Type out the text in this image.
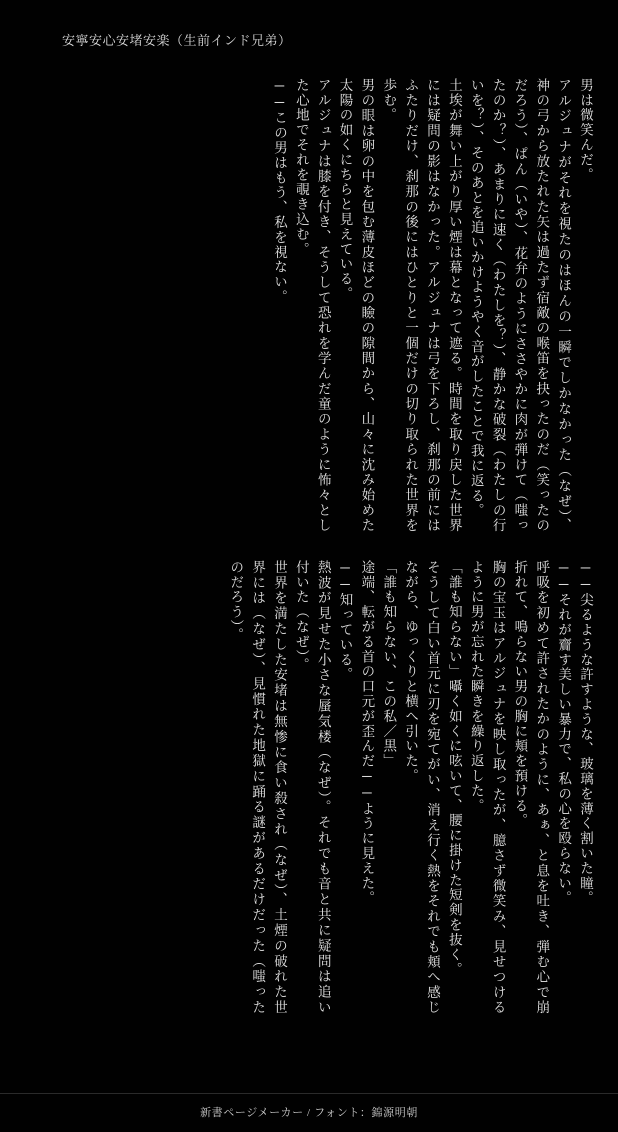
安寧安心安堵安楽（生前インド兄弟）

男は微笑んだ。

アルジュナがそれを視たのはほんの一瞬でしかなかった（なぜ）、神の弓から放たれた矢は過たず宿敵の喉笛を抉ったのだ（笑ったのだろう）、ぱん（いや）、花弁のようにささやかに肉が弾けて（嗤ったのか？）、あまりに速く（わたしを？）、静かな破裂（わたしの行いを？）、そのあとを追いかけようやく音がしたことで我に返る。

土埃が舞い上がり厚い煙は幕となって遮る。時間を取り戻した世界には疑問の影はなかった。アルジュナは弓を下ろし、刹那の前にはふたりだけ、刹那の後にはひとりと一個だけの切り取られた世界を歩む。

男の眼は卵の中を包む薄皮ほどの瞼の隙間から、山々に沈み始めた太陽の如くにちらと見えている。

アルジュナは膝を付き、そうして恐れを学んだ童のように怖々とした心地でそれを覗き込む。

──この男はもう、私を視ない。

──尖るような許すような、玻璃を薄く割いた瞳。

──それが齎す美しい暴力で、私の心を殴らない。

呼吸を初めて許されたかのように、あぁ、と息を吐き、弾む心で崩折れて、鳴らない男の胸に頬を預ける。

胸の宝玉はアルジュナを映し取ったが、臆さず微笑み、見せつけるように男が忘れた瞬きを繰り返した。

「誰も知らない」囁く如くに呟いて、腰に掛けた短剣を抜く。

そうして白い首元に刃を宛てがい、消え行く熱をそれでも頬へ感じながら、ゆっくりと横へ引いた。

「誰も知らない、この私／黒」

途端、転がる首の口元が歪んだ──ように見えた。

──知っている。

熱波が見せた小さな蜃気楼（なぜ）。それでも音と共に疑問は追い付いた（なぜ）。

世界を満たした安堵は無惨に食い殺され（なぜ）、土煙の破れた世界には（なぜ）、見慣れた地獄に踊る謎があるだけだった（嗤ったのだろう）。

新書ページメーカー / フォント：錦源明朝
